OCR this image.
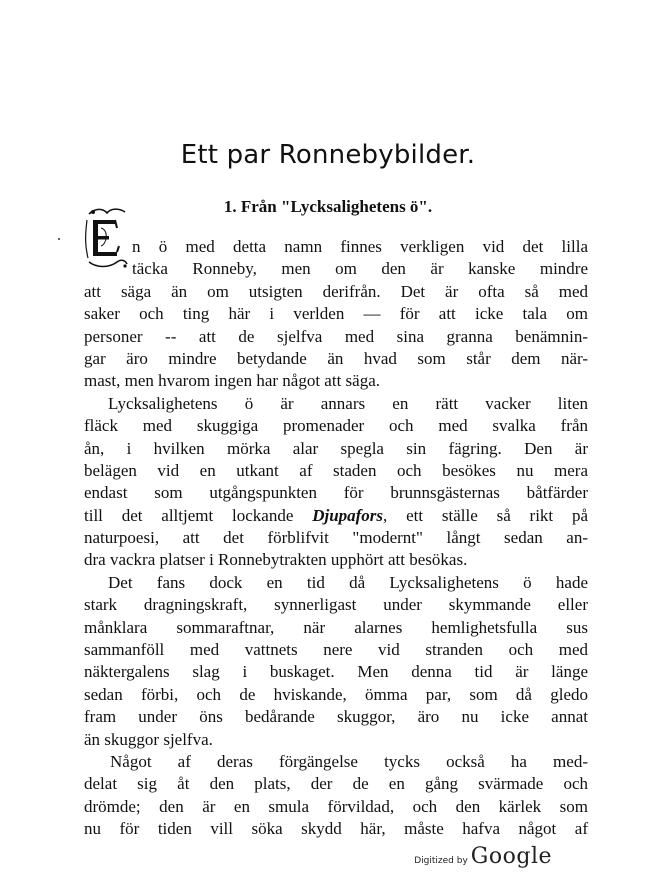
Ett par Ronnebybilder.
1. Från "Lycksalighetens ö".
n ö med detta namn finnes verkligen vid det lilla
täcka Ronneby, men om den är kanske mindre
att säga än om utsigten derifrån. Det är ofta så med
saker och ting här i verlden — för att icke tala om
personer -- att de sjelfva med sina granna benämnin-
gar äro mindre betydande än hvad som står dem när-
mast, men hvarom ingen har något att säga.
Lycksalighetens ö är annars en rätt vacker liten
fläck med skuggiga promenader och med svalka från
ån, i hvilken mörka alar spegla sin fägring. Den är
belägen vid en utkant af staden och besökes nu mera
endast som utgångspunkten för brunnsgästernas båtfärder
till det alltjemt lockande Djupafors, ett ställe så rikt på
naturpoesi, att det förblifvit "modernt" långt sedan an-
dra vackra platser i Ronnebytrakten upphört att besökas.
Det fans dock en tid då Lycksalighetens ö hade
stark dragningskraft, synnerligast under skymmande eller
månklara sommaraftnar, när alarnes hemlighetsfulla sus
sammanföll med vattnets nere vid stranden och med
näktergalens slag i buskaget. Men denna tid är länge
sedan förbi, och de hviskande, ömma par, som då gledo
fram under öns bedårande skuggor, äro nu icke annat
än skuggor sjelfva.
Något af deras förgängelse tycks också ha med-
delat sig åt den plats, der de en gång svärmade och
drömde; den är en smula förvildad, och den kärlek som
nu för tiden vill söka skydd här, måste hafva något af
Digitized by Google
